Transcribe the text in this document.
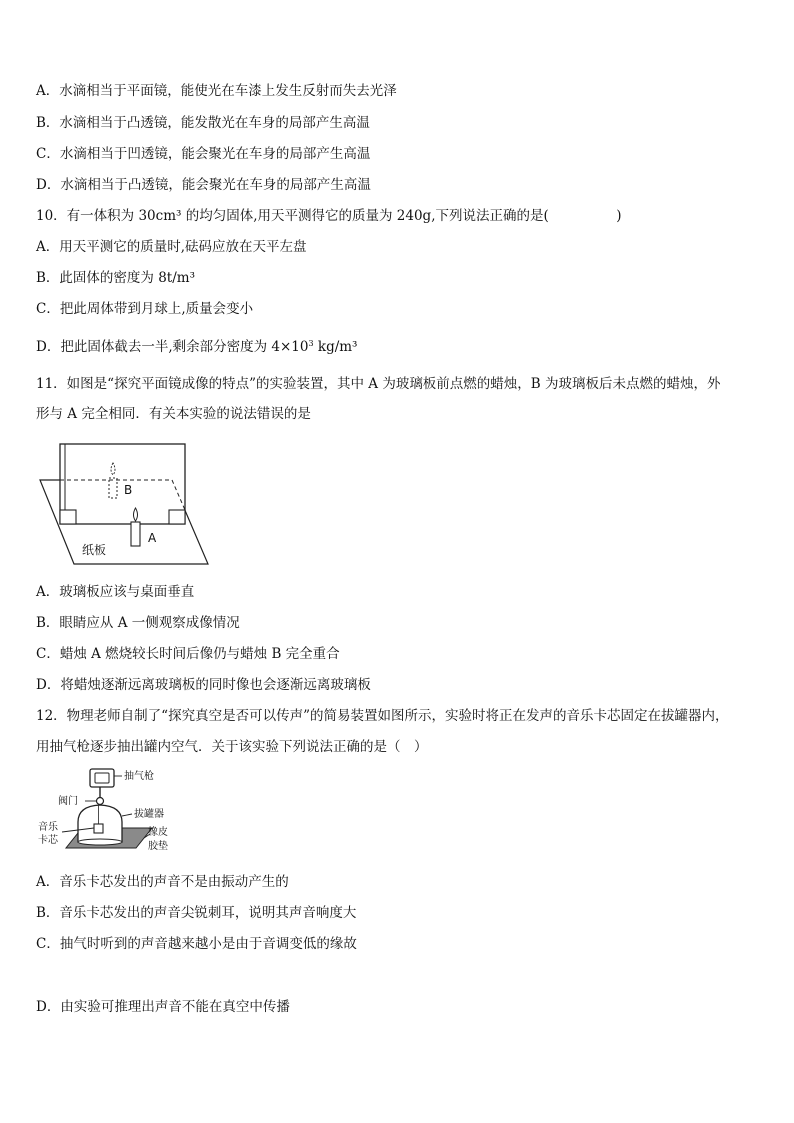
A．水滴相当于平面镜，能使光在车漆上发生反射而失去光泽
B．水滴相当于凸透镜，能发散光在车身的局部产生高温
C．水滴相当于凹透镜，能会聚光在车身的局部产生高温
D．水滴相当于凸透镜，能会聚光在车身的局部产生高温
10．有一体积为 30cm³ 的均匀固体,用天平测得它的质量为 240g,下列说法正确的是(　　　　　)
A．用天平测它的质量时,砝码应放在天平左盘
B．此固体的密度为 8t/m³
C．把此周体带到月球上,质量会变小
D．把此固体截去一半,剩余部分密度为 $4\times 10^3$ kg/m³
11．如图是“探究平面镜成像的特点”的实验装置，其中 A 为玻璃板前点燃的蜡烛，B 为玻璃板后未点燃的蜡烛，外
形与 A 完全相同．有关本实验的说法错误的是
B
A
纸板
A．玻璃板应该与桌面垂直
B．眼睛应从 A 一侧观察成像情况
C．蜡烛 A 燃烧较长时间后像仍与蜡烛 B 完全重合
D．将蜡烛逐渐远离玻璃板的同时像也会逐渐远离玻璃板
12．物理老师自制了“探究真空是否可以传声”的简易装置如图所示，实验时将正在发声的音乐卡芯固定在拔罐器内，
用抽气枪逐步抽出罐内空气．关于该实验下列说法正确的是（　）
抽气枪
阀门
音乐
卡芯
拔罐器
橡皮
胶垫
A．音乐卡芯发出的声音不是由振动产生的
B．音乐卡芯发出的声音尖锐刺耳，说明其声音响度大
C．抽气时听到的声音越来越小是由于音调变低的缘故
D．由实验可推理出声音不能在真空中传播
